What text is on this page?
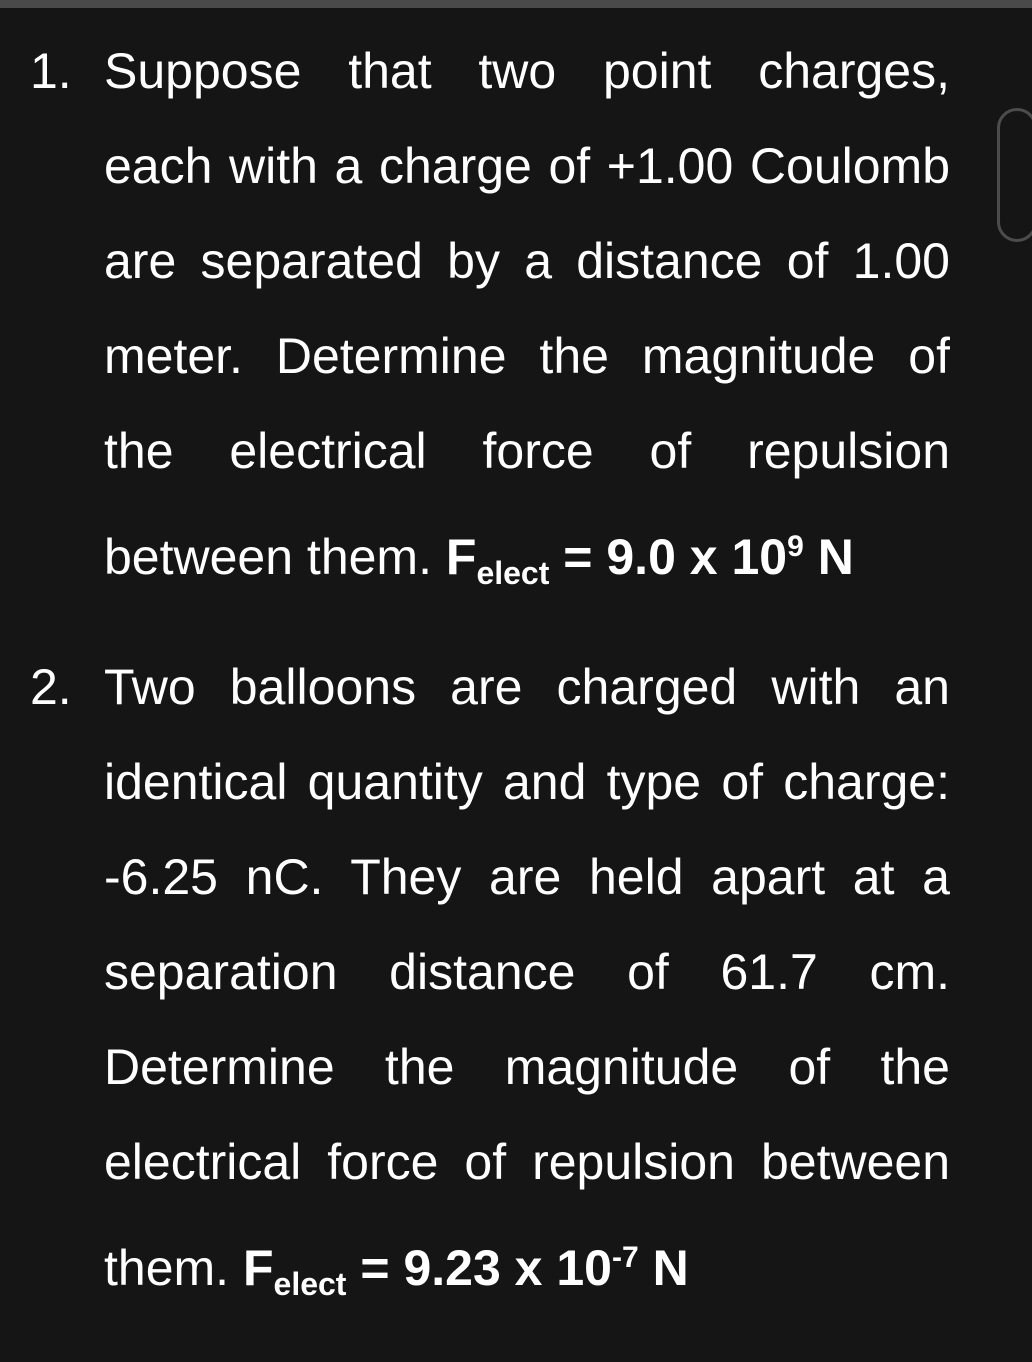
1. Suppose that two point charges,
each with a charge of +1.00 Coulomb
are separated by a distance of 1.00
meter. Determine the magnitude of
the electrical force of repulsion
between them. $F_{elect} = 9.0$ x $10^9$ N
2. Two balloons are charged with an
identical quantity and type of charge:
-6.25 nC. They are held apart at a
separation distance of 61.7 cm.
Determine the magnitude of the
electrical force of repulsion between
them. $F_{elect} = 9.23$ x $10^{-7}$ N
